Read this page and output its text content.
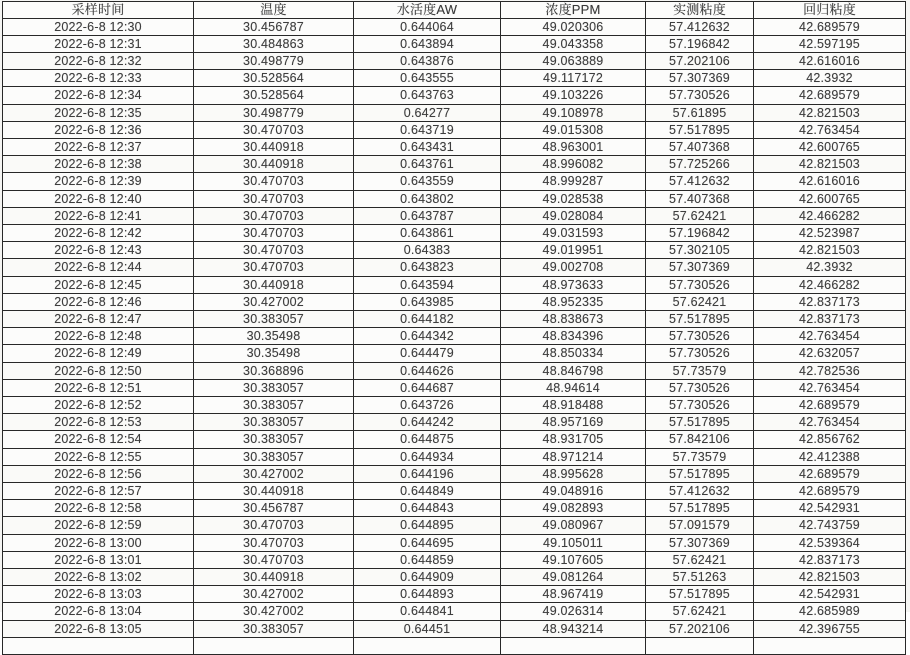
采样时间	温度	水活度AW	浓度PPM	实测粘度	回归粘度
2022-6-8 12:30	30.456787	0.644064	49.020306	57.412632	42.689579
2022-6-8 12:31	30.484863	0.643894	49.043358	57.196842	42.597195
2022-6-8 12:32	30.498779	0.643876	49.063889	57.202106	42.616016
2022-6-8 12:33	30.528564	0.643555	49.117172	57.307369	42.3932
2022-6-8 12:34	30.528564	0.643763	49.103226	57.730526	42.689579
2022-6-8 12:35	30.498779	0.64277	49.108978	57.61895	42.821503
2022-6-8 12:36	30.470703	0.643719	49.015308	57.517895	42.763454
2022-6-8 12:37	30.440918	0.643431	48.963001	57.407368	42.600765
2022-6-8 12:38	30.440918	0.643761	48.996082	57.725266	42.821503
2022-6-8 12:39	30.470703	0.643559	48.999287	57.412632	42.616016
2022-6-8 12:40	30.470703	0.643802	49.028538	57.407368	42.600765
2022-6-8 12:41	30.470703	0.643787	49.028084	57.62421	42.466282
2022-6-8 12:42	30.470703	0.643861	49.031593	57.196842	42.523987
2022-6-8 12:43	30.470703	0.64383	49.019951	57.302105	42.821503
2022-6-8 12:44	30.470703	0.643823	49.002708	57.307369	42.3932
2022-6-8 12:45	30.440918	0.643594	48.973633	57.730526	42.466282
2022-6-8 12:46	30.427002	0.643985	48.952335	57.62421	42.837173
2022-6-8 12:47	30.383057	0.644182	48.838673	57.517895	42.837173
2022-6-8 12:48	30.35498	0.644342	48.834396	57.730526	42.763454
2022-6-8 12:49	30.35498	0.644479	48.850334	57.730526	42.632057
2022-6-8 12:50	30.368896	0.644626	48.846798	57.73579	42.782536
2022-6-8 12:51	30.383057	0.644687	48.94614	57.730526	42.763454
2022-6-8 12:52	30.383057	0.643726	48.918488	57.730526	42.689579
2022-6-8 12:53	30.383057	0.644242	48.957169	57.517895	42.763454
2022-6-8 12:54	30.383057	0.644875	48.931705	57.842106	42.856762
2022-6-8 12:55	30.383057	0.644934	48.971214	57.73579	42.412388
2022-6-8 12:56	30.427002	0.644196	48.995628	57.517895	42.689579
2022-6-8 12:57	30.440918	0.644849	49.048916	57.412632	42.689579
2022-6-8 12:58	30.456787	0.644843	49.082893	57.517895	42.542931
2022-6-8 12:59	30.470703	0.644895	49.080967	57.091579	42.743759
2022-6-8 13:00	30.470703	0.644695	49.105011	57.307369	42.539364
2022-6-8 13:01	30.470703	0.644859	49.107605	57.62421	42.837173
2022-6-8 13:02	30.440918	0.644909	49.081264	57.51263	42.821503
2022-6-8 13:03	30.427002	0.644893	48.967419	57.517895	42.542931
2022-6-8 13:04	30.427002	0.644841	49.026314	57.62421	42.685989
2022-6-8 13:05	30.383057	0.64451	48.943214	57.202106	42.396755
